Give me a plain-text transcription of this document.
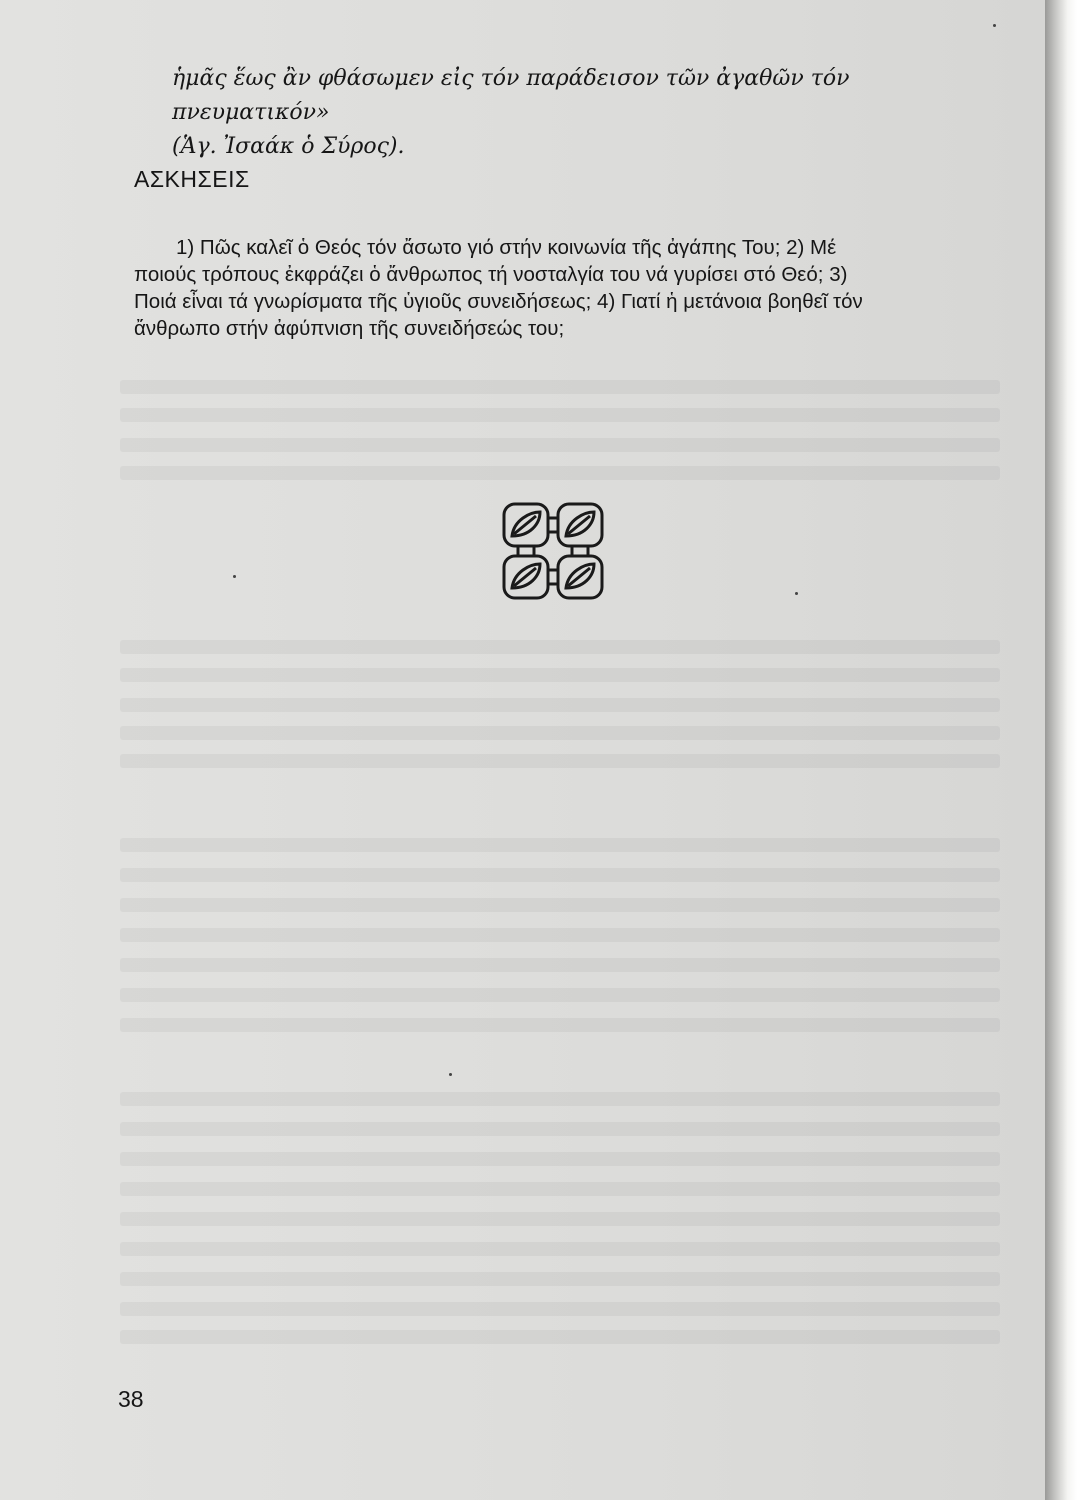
ἡμᾶς ἕως ἂν φθάσωμεν εἰς τόν παράδεισον τῶν ἀγαθῶν τόν πνευματικόν»
(Ἁγ. Ἰσαάκ ὁ Σύρος).
ΑΣΚΗΣΕΙΣ
1) Πῶς καλεῖ ὁ Θεός τόν ἄσωτο γιό στήν κοινωνία τῆς ἀγάπης Του; 2) Μέ
ποιούς τρόπους ἐκφράζει ὁ ἄνθρωπος τή νοσταλγία του νά γυρίσει στό Θεό; 3)
Ποιά εἶναι τά γνωρίσματα τῆς ὑγιοῦς συνειδήσεως; 4) Γιατί ἡ μετάνοια βοηθεῖ τόν
ἄνθρωπο στήν ἀφύπνιση τῆς συνειδήσεώς του;
38
